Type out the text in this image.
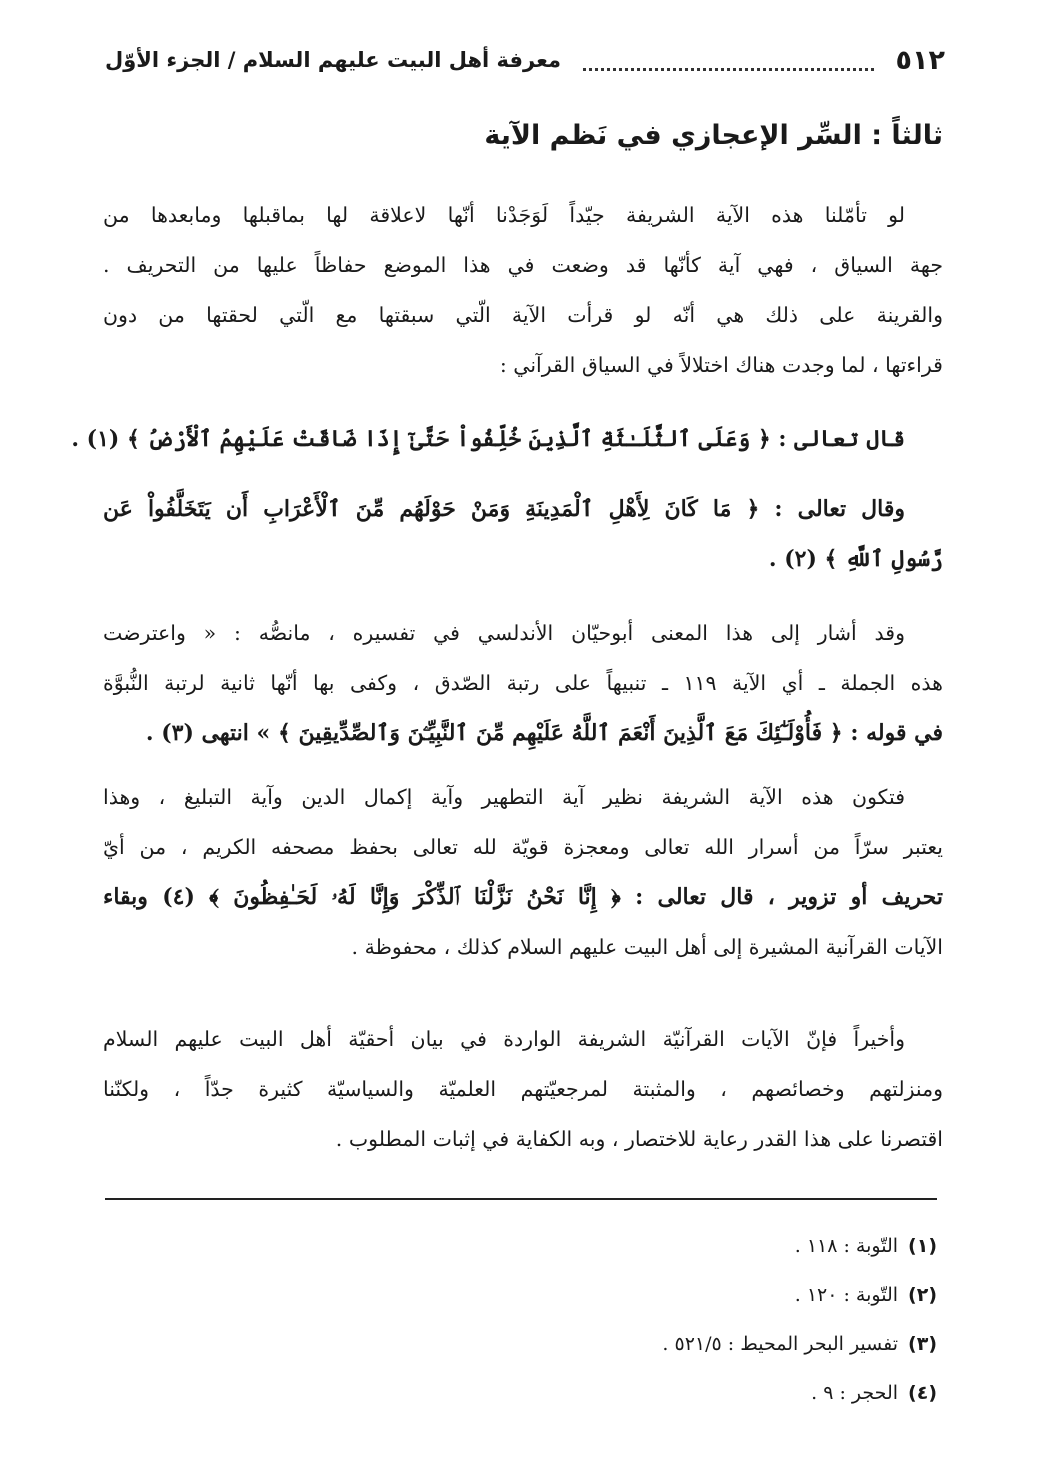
٥١٢
معرفة أهل البيت عليهم السلام / الجزء الأوّل
ثالثاً : السِّر الإعجازي في نَظم الآية
لو تأمّلنا هذه الآية الشريفة جيّداً لَوَجَدْنا أنّها لاعلاقة لها بماقبلها ومابعدها من
جهة السياق ، فهي آية كأنّها قد وضعت في هذا الموضع حفاظاً عليها من التحريف .
والقرينة على ذلك هي أنّه لو قرأت الآية الّتي سبقتها مع الّتي لحقتها من دون
قراءتها ، لما وجدت هناك اختلالاً في السياق القرآني :
قال تعالى : ﴿ وَعَلَى ٱلثَّلَـٰثَةِ ٱلَّذِينَ خُلِّفُواْ حَتَّىٰٓ إِذَا ضَاقَتْ عَلَيْهِمُ ٱلْأَرْضُ ﴾ (١) .
وقال تعالى : ﴿ مَا كَانَ لِأَهْلِ ٱلْمَدِينَةِ وَمَنْ حَوْلَهُم مِّنَ ٱلْأَعْرَابِ أَن يَتَخَلَّفُواْ عَن
رَّسُولِ ٱللَّهِ ﴾ (٢) .
وقد أشار إلى هذا المعنى أبوحيّان الأندلسي في تفسيره ، مانصُّه : « واعترضت
هذه الجملة ـ أي الآية ١١٩ ـ تنبيهاً على رتبة الصّدق ، وكفى بها أنّها ثانية لرتبة النُّبوَّة
في قوله : ﴿ فَأُوْلَـٰٓئِكَ مَعَ ٱلَّذِينَ أَنْعَمَ ٱللَّهُ عَلَيْهِم مِّنَ ٱلنَّبِيِّـۧنَ وَٱلصِّدِّيقِينَ ﴾ » انتهى (٣) .
فتكون هذه الآية الشريفة نظير آية التطهير وآية إكمال الدين وآية التبليغ ، وهذا
يعتبر سرّاً من أسرار الله تعالى ومعجزة قويّة لله تعالى بحفظ مصحفه الكريم ، من أيّ
تحريف أو تزوير ، قال تعالى : ﴿ إِنَّا نَحْنُ نَزَّلْنَا ٱلذِّكْرَ وَإِنَّا لَهُۥ لَحَـٰفِظُونَ ﴾ (٤) وبقاء
الآيات القرآنية المشيرة إلى أهل البيت عليهم السلام كذلك ، محفوظة .
وأخيراً فإنّ الآيات القرآنيّة الشريفة الواردة في بيان أحقيّة أهل البيت عليهم السلام
ومنزلتهم وخصائصهم ، والمثبتة لمرجعيّتهم العلميّة والسياسيّة كثيرة جدّاً ، ولكنّنا
اقتصرنا على هذا القدر رعاية للاختصار ، وبه الكفاية في إثبات المطلوب .
(١)التّوبة : ١١٨ .
(٢)التّوبة : ١٢٠ .
(٣)تفسير البحر المحيط : ٥٢١/٥ .
(٤)الحجر : ٩ .
